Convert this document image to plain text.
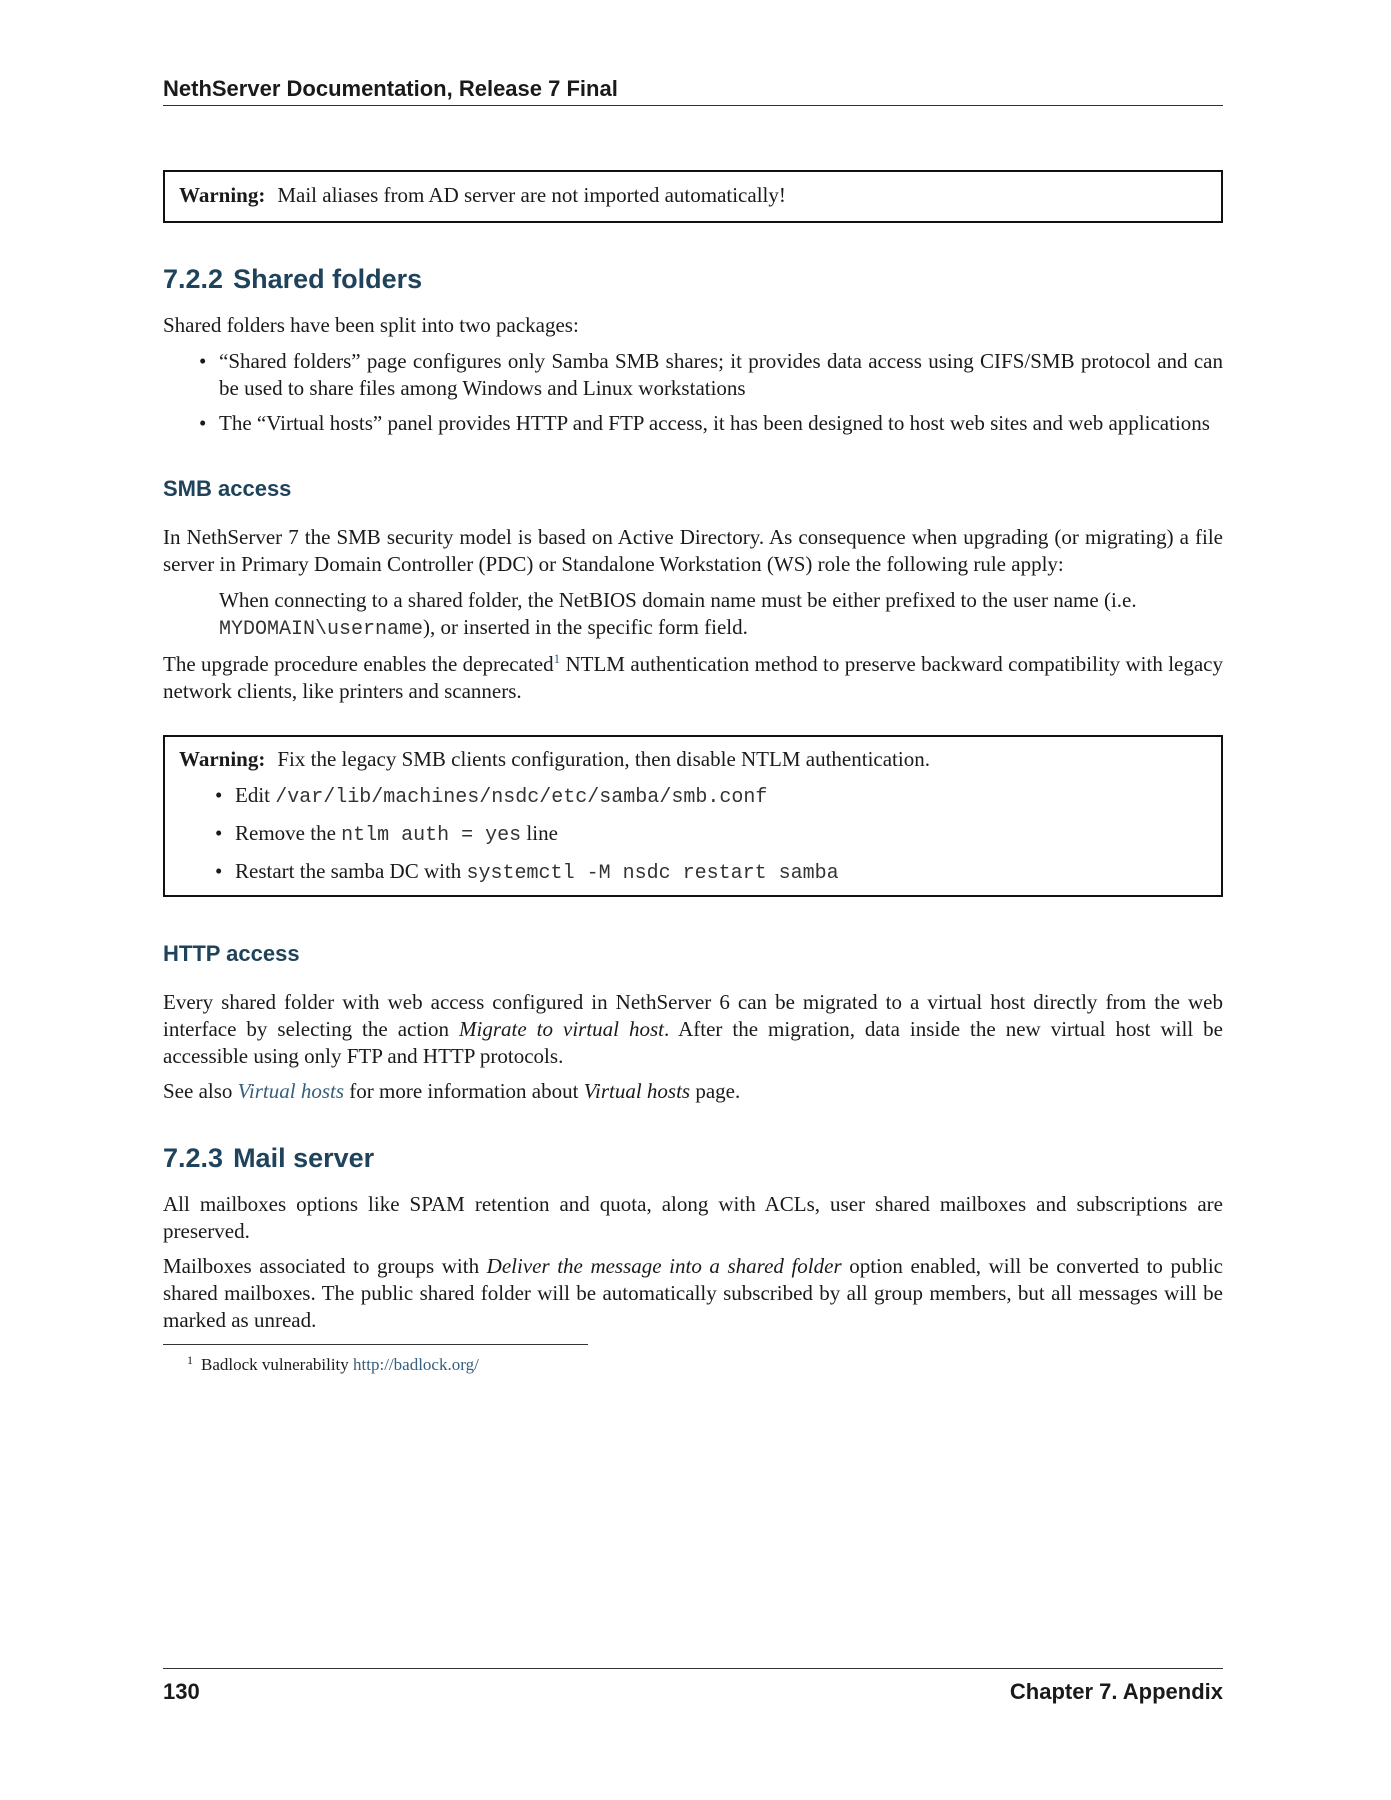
NethServer Documentation, Release 7 Final
Warning: Mail aliases from AD server are not imported automatically!
7.2.2 Shared folders

Shared folders have been split into two packages:

• “Shared folders” page configures only Samba SMB shares; it provides data access using CIFS/SMB protocol and can be used to share files among Windows and Linux workstations
• The “Virtual hosts” panel provides HTTP and FTP access, it has been designed to host web sites and web applications
SMB access

In NethServer 7 the SMB security model is based on Active Directory. As consequence when upgrading (or migrating) a file server in Primary Domain Controller (PDC) or Standalone Workstation (WS) role the following rule apply:

When connecting to a shared folder, the NetBIOS domain name must be either prefixed to the user name (i.e. MYDOMAIN\username), or inserted in the specific form field.

The upgrade procedure enables the deprecated$^1$ NTLM authentication method to preserve backward compatibility with legacy network clients, like printers and scanners.

Warning: Fix the legacy SMB clients configuration, then disable NTLM authentication.
• Edit /var/lib/machines/nsdc/etc/samba/smb.conf
• Remove the ntlm auth = yes line
• Restart the samba DC with systemctl -M nsdc restart samba
HTTP access

Every shared folder with web access configured in NethServer 6 can be migrated to a virtual host directly from the web interface by selecting the action Migrate to virtual host. After the migration, data inside the new virtual host will be accessible using only FTP and HTTP protocols.

See also Virtual hosts for more information about Virtual hosts page.

7.2.3 Mail server

All mailboxes options like SPAM retention and quota, along with ACLs, user shared mailboxes and subscriptions are preserved.

Mailboxes associated to groups with Deliver the message into a shared folder option enabled, will be converted to public shared mailboxes. The public shared folder will be automatically subscribed by all group members, but all messages will be marked as unread.

1 Badlock vulnerability http://badlock.org/
130	Chapter 7. Appendix
